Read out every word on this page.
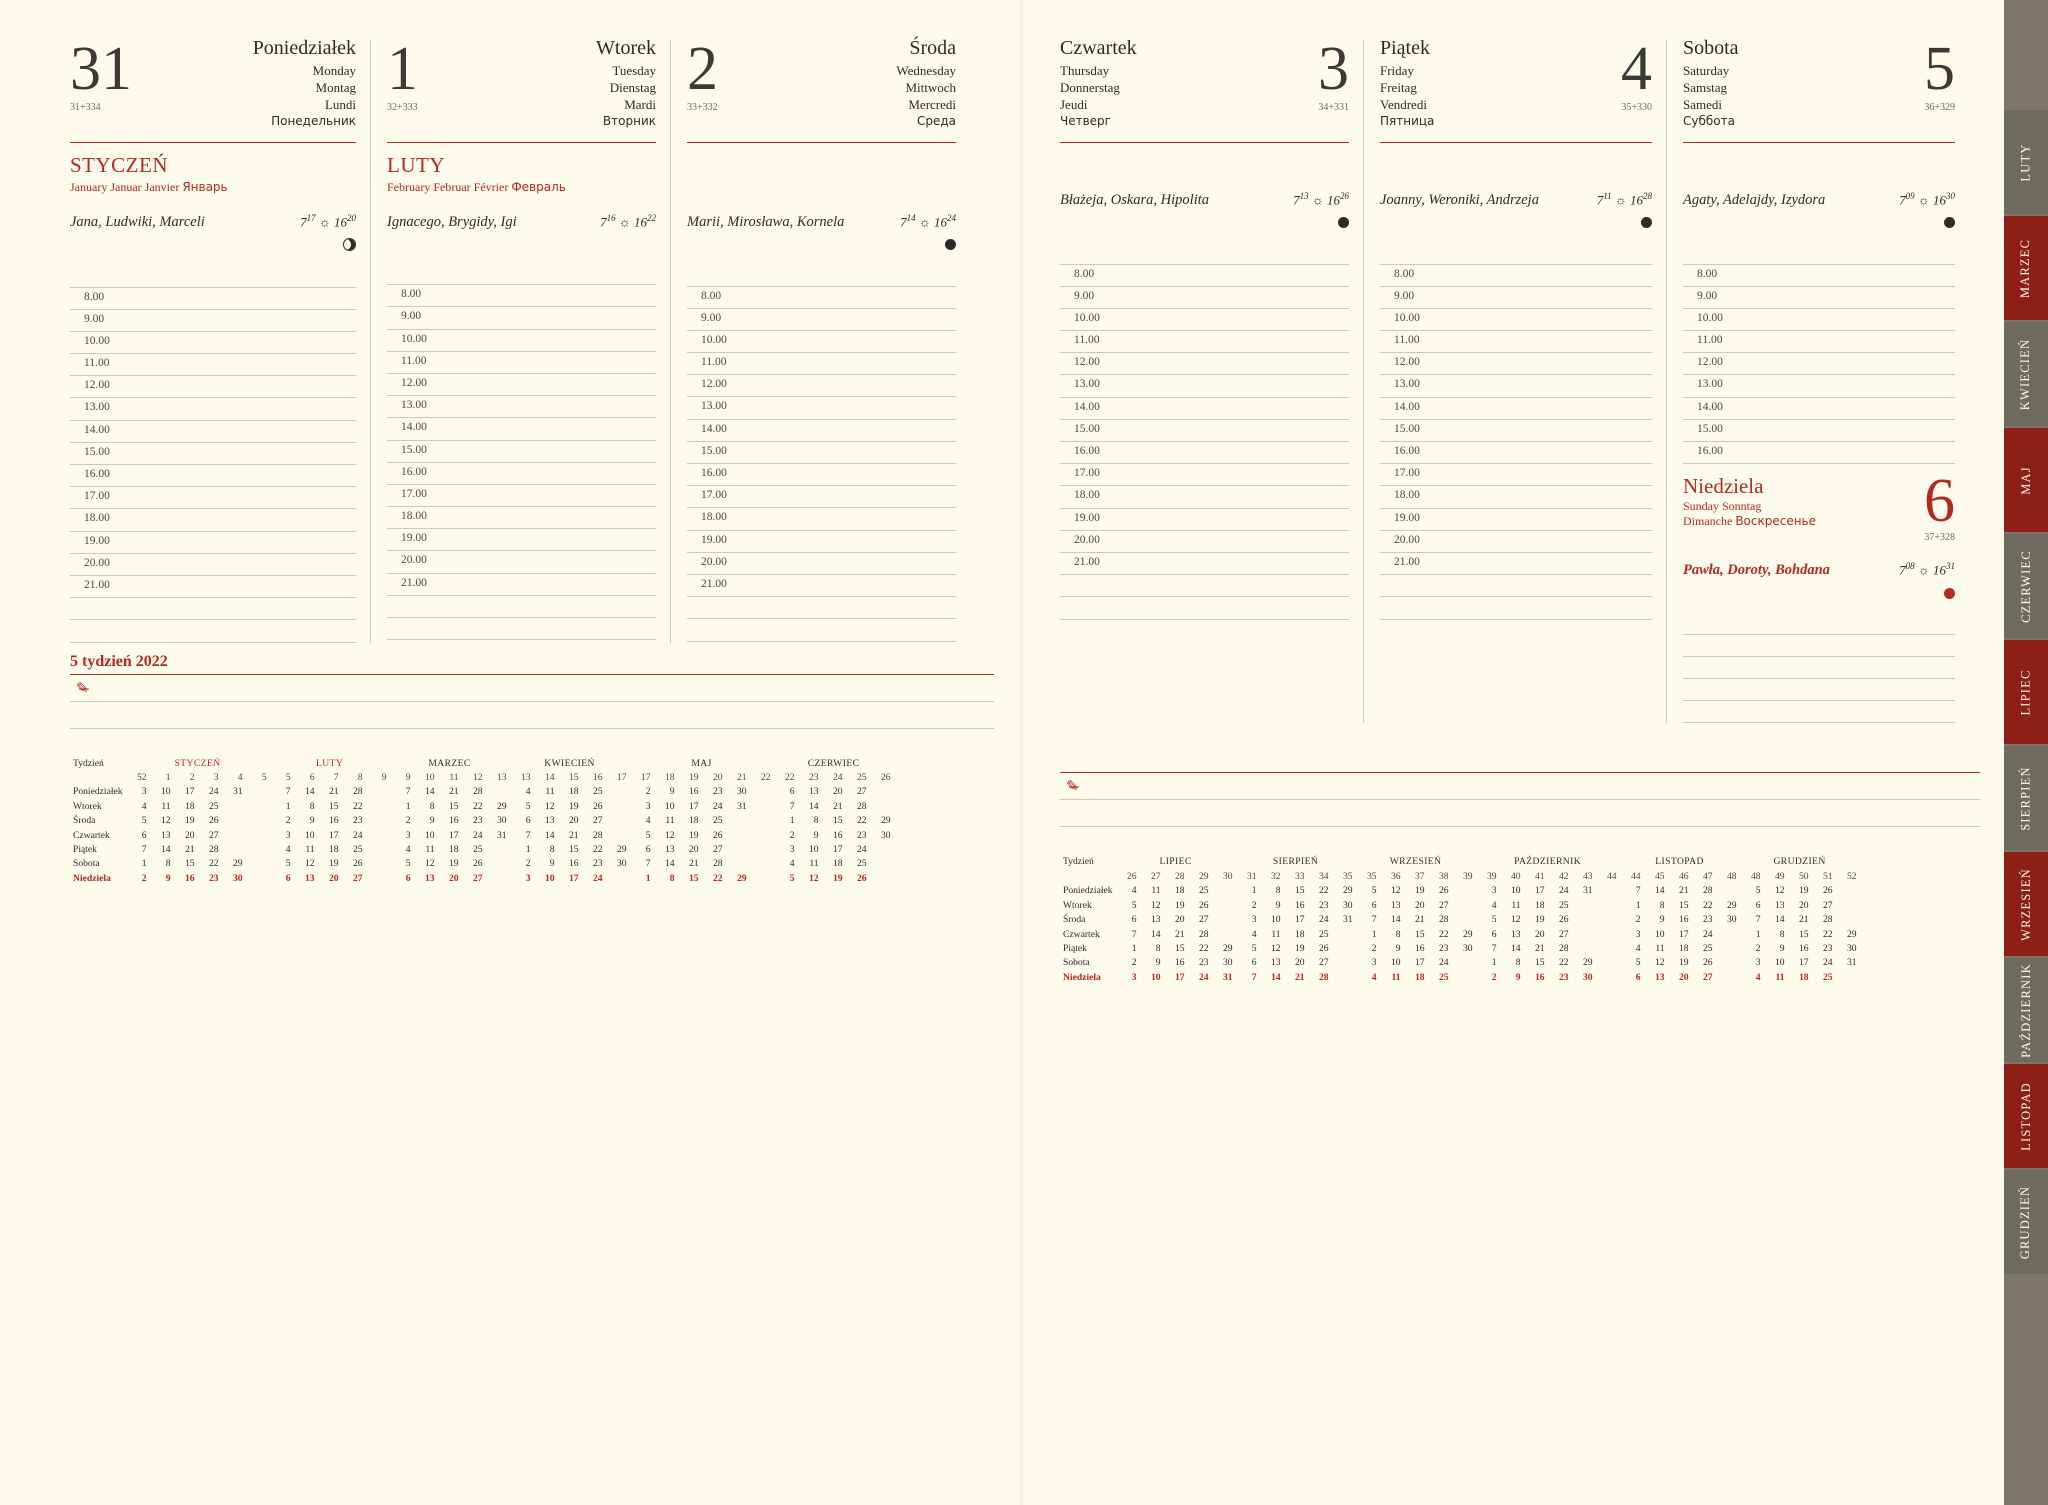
31
31+334
Poniedziałek
Monday
Montag
Lundi
Понедельник
STYCZEŃ
January Januar Janvier Январь
Jana, Ludwiki, Marceli	$7^{17}$ ☼ $16^{20}$
8.00
9.00
10.00
11.00
12.00
13.00
14.00
15.00
16.00
17.00
18.00
19.00
20.00
21.00
1
32+333
Wtorek
Tuesday
Dienstag
Mardi
Вторник
LUTY
February Februar Février Февраль
Ignacego, Brygidy, Igi	$7^{16}$ ☼ $16^{22}$
8.00
9.00
10.00
11.00
12.00
13.00
14.00
15.00
16.00
17.00
18.00
19.00
20.00
21.00
2
33+332
Środa
Wednesday
Mittwoch
Mercredi
Среда

Marii, Mirosława, Kornela	$7^{14}$ ☼ $16^{24}$
8.00
9.00
10.00
11.00
12.00
13.00
14.00
15.00
16.00
17.00
18.00
19.00
20.00
21.00
5 tydzień 2022
✎̶
Tydzień	STYCZEŃ						LUTY					MARZEC					KWIECIEŃ					MAJ						CZERWIEC				
	52	1	2	3	4	5	5	6	7	8	9	9	10	11	12	13	13	14	15	16	17	17	18	19	20	21	22	22	23	24	25	26
Poniedziałek	3	10	17	24	31		7	14	21	28		7	14	21	28		4	11	18	25		2	9	16	23	30		6	13	20	27	
Wtorek	4	11	18	25			1	8	15	22		1	8	15	22	29	5	12	19	26		3	10	17	24	31		7	14	21	28	
Środa	5	12	19	26			2	9	16	23		2	9	16	23	30	6	13	20	27		4	11	18	25			1	8	15	22	29
Czwartek	6	13	20	27			3	10	17	24		3	10	17	24	31	7	14	21	28		5	12	19	26			2	9	16	23	30
Piątek	7	14	21	28			4	11	18	25		4	11	18	25		1	8	15	22	29	6	13	20	27			3	10	17	24	
Sobota	1	8	15	22	29		5	12	19	26		5	12	19	26		2	9	16	23	30	7	14	21	28			4	11	18	25	
Niedziela	2	9	16	23	30		6	13	20	27		6	13	20	27		3	10	17	24		1	8	15	22	29		5	12	19	26	
3
34+331
Czwartek
Thursday
Donnerstag
Jeudi
Четверг
Błażeja, Oskara, Hipolita	$7^{13}$ ☼ $16^{26}$
8.00
9.00
10.00
11.00
12.00
13.00
14.00
15.00
16.00
17.00
18.00
19.00
20.00
21.00
4
35+330
Piątek
Friday
Freitag
Vendredi
Пятница
Joanny, Weroniki, Andrzeja	$7^{11}$ ☼ $16^{28}$
8.00
9.00
10.00
11.00
12.00
13.00
14.00
15.00
16.00
17.00
18.00
19.00
20.00
21.00
5
36+329
Sobota
Saturday
Samstag
Samedi
Суббота
Agaty, Adelajdy, Izydora	$7^{09}$ ☼ $16^{30}$
8.00
9.00
10.00
11.00
12.00
13.00
14.00
15.00
16.00
Niedziela
Sunday Sonntag
Dimanche Воскресенье 6
37+328
Pawła, Doroty, Bohdana	$7^{08}$ ☼ $16^{31}$
✎̶
Tydzień	LIPIEC					SIERPIEŃ					WRZESIEŃ					PAŹDZIERNIK						LISTOPAD					GRUDZIEŃ				
	26	27	28	29	30	31	32	33	34	35	35	36	37	38	39	39	40	41	42	43	44	44	45	46	47	48	48	49	50	51	52
Poniedziałek	4	11	18	25		1	8	15	22	29	5	12	19	26		3	10	17	24	31		7	14	21	28		5	12	19	26	
Wtorek	5	12	19	26		2	9	16	23	30	6	13	20	27		4	11	18	25			1	8	15	22	29	6	13	20	27	
Środa	6	13	20	27		3	10	17	24	31	7	14	21	28		5	12	19	26			2	9	16	23	30	7	14	21	28	
Czwartek	7	14	21	28		4	11	18	25		1	8	15	22	29	6	13	20	27			3	10	17	24		1	8	15	22	29
Piątek	1	8	15	22	29	5	12	19	26		2	9	16	23	30	7	14	21	28			4	11	18	25		2	9	16	23	30
Sobota	2	9	16	23	30	6	13	20	27		3	10	17	24		1	8	15	22	29		5	12	19	26		3	10	17	24	31
Niedziela	3	10	17	24	31	7	14	21	28		4	11	18	25		2	9	16	23	30		6	13	20	27		4	11	18	25	
LUTY
MARZEC
KWIECIEŃ
MAJ
CZERWIEC
LIPIEC
SIERPIEŃ
WRZESIEŃ
PAŹDZIERNIK
LISTOPAD
GRUDZIEŃ
